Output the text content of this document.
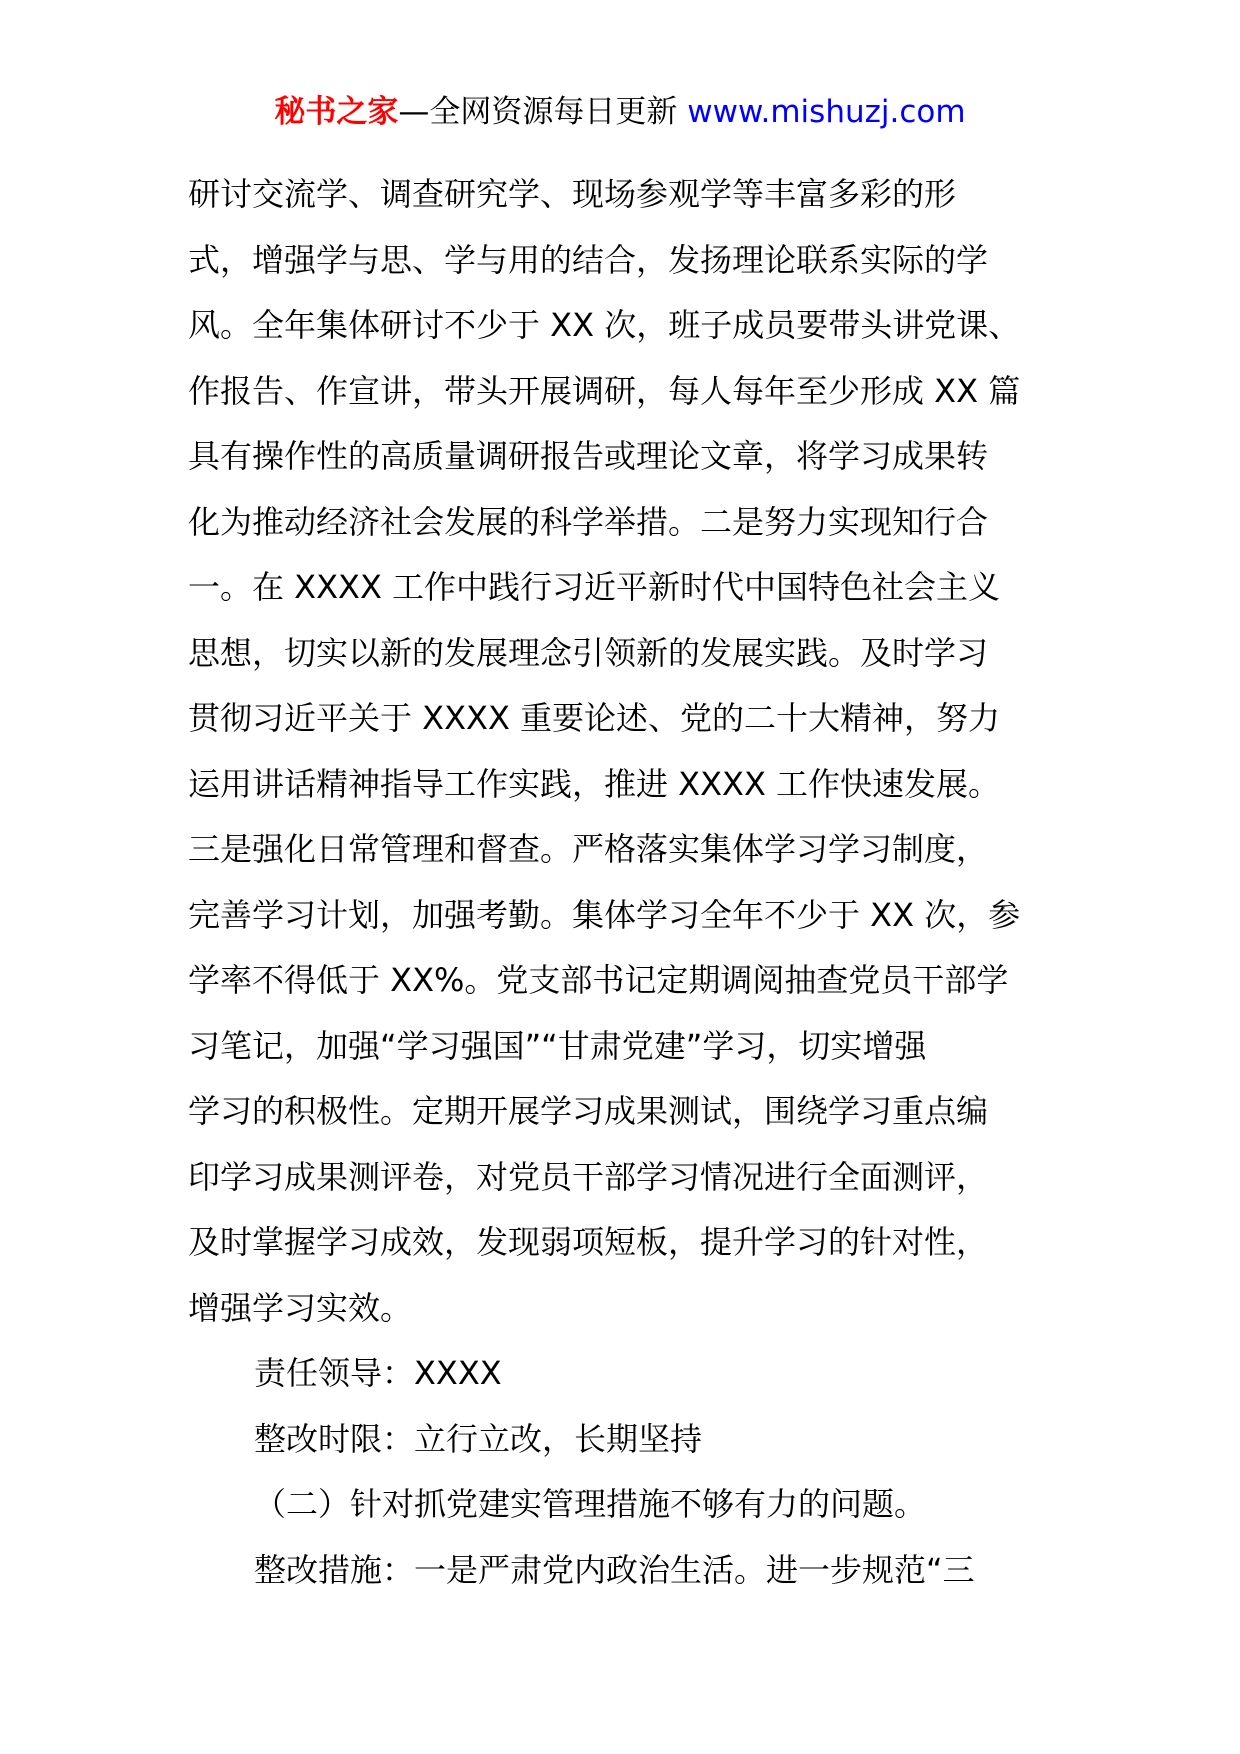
秘书之家—全网资源每日更新 www.mishuzj.com
研讨交流学、调查研究学、现场参观学等丰富多彩的形
式，增强学与思、学与用的结合，发扬理论联系实际的学
风。全年集体研讨不少于 XX 次，班子成员要带头讲党课、
作报告、作宣讲，带头开展调研，每人每年至少形成 XX 篇
具有操作性的高质量调研报告或理论文章，将学习成果转
化为推动经济社会发展的科学举措。二是努力实现知行合
一。在 XXXX 工作中践行习近平新时代中国特色社会主义
思想，切实以新的发展理念引领新的发展实践。及时学习
贯彻习近平关于 XXXX 重要论述、党的二十大精神，努力
运用讲话精神指导工作实践，推进 XXXX 工作快速发展。
三是强化日常管理和督查。严格落实集体学习学习制度，
完善学习计划，加强考勤。集体学习全年不少于 XX 次，参
学率不得低于 XX%。党支部书记定期调阅抽查党员干部学
习笔记，加强“学习强国”“甘肃党建”学习，切实增强
学习的积极性。定期开展学习成果测试，围绕学习重点编
印学习成果测评卷，对党员干部学习情况进行全面测评，
及时掌握学习成效，发现弱项短板，提升学习的针对性，
增强学习实效。
责任领导：XXXX
整改时限：立行立改，长期坚持
（二）针对抓党建实管理措施不够有力的问题。
整改措施：一是严肃党内政治生活。进一步规范“三
